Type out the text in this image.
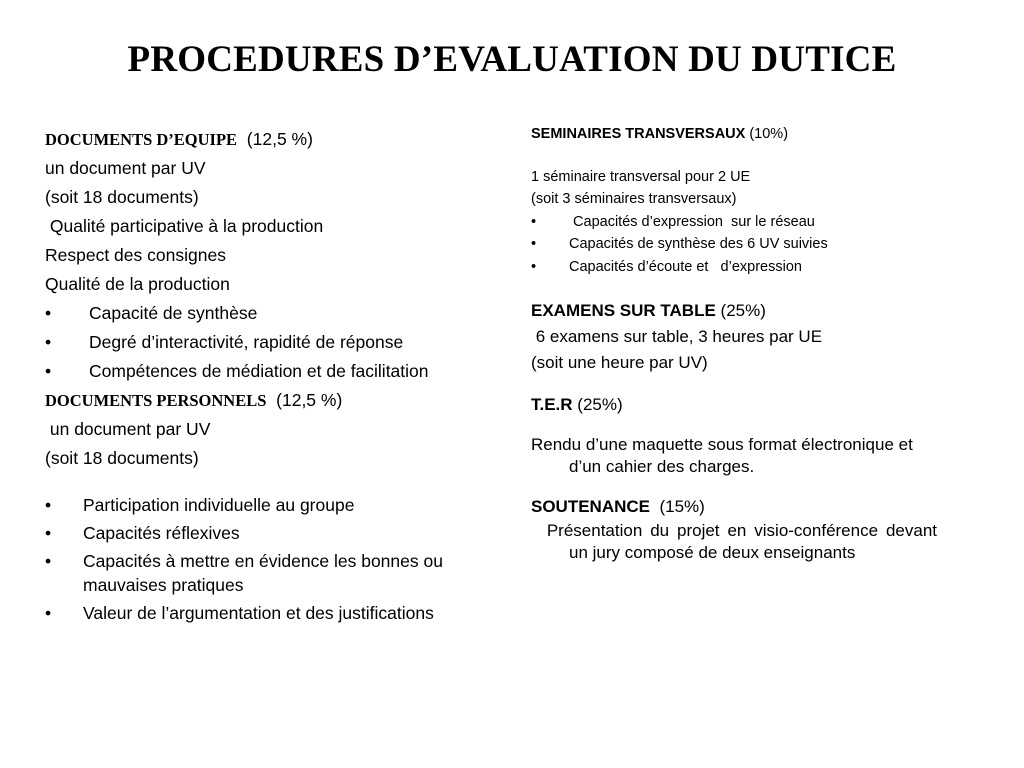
PROCEDURES D’EVALUATION DU DUTICE
DOCUMENTS D’EQUIPE (12,5 %)
un document par UV
(soit 18 documents)
Qualité participative à la production
Respect des consignes
Qualité de la production
•	Capacité de synthèse
•	Degré d’interactivité, rapidité de réponse
•	Compétences de médiation et de facilitation
DOCUMENTS PERSONNELS (12,5 %)
un document par UV
(soit 18 documents)
•	Participation individuelle au groupe
•	Capacités réflexives
•	Capacités à mettre en évidence les bonnes ou mauvaises pratiques
•	Valeur de l’argumentation et des justifications
SEMINAIRES TRANSVERSAUX (10%)
1 séminaire transversal pour 2 UE
(soit 3 séminaires transversaux)
•	Capacités d’expression  sur le réseau
•	Capacités de synthèse des 6 UV suivies
•	Capacités d’écoute et   d’expression
EXAMENS SUR TABLE (25%)
6 examens sur table, 3 heures par UE
(soit une heure par UV)
T.E.R (25%)
Rendu d’une maquette sous format électronique et d’un cahier des charges.
SOUTENANCE (15%)
Présentation du projet en visio-conférence devant un jury composé de deux enseignants
